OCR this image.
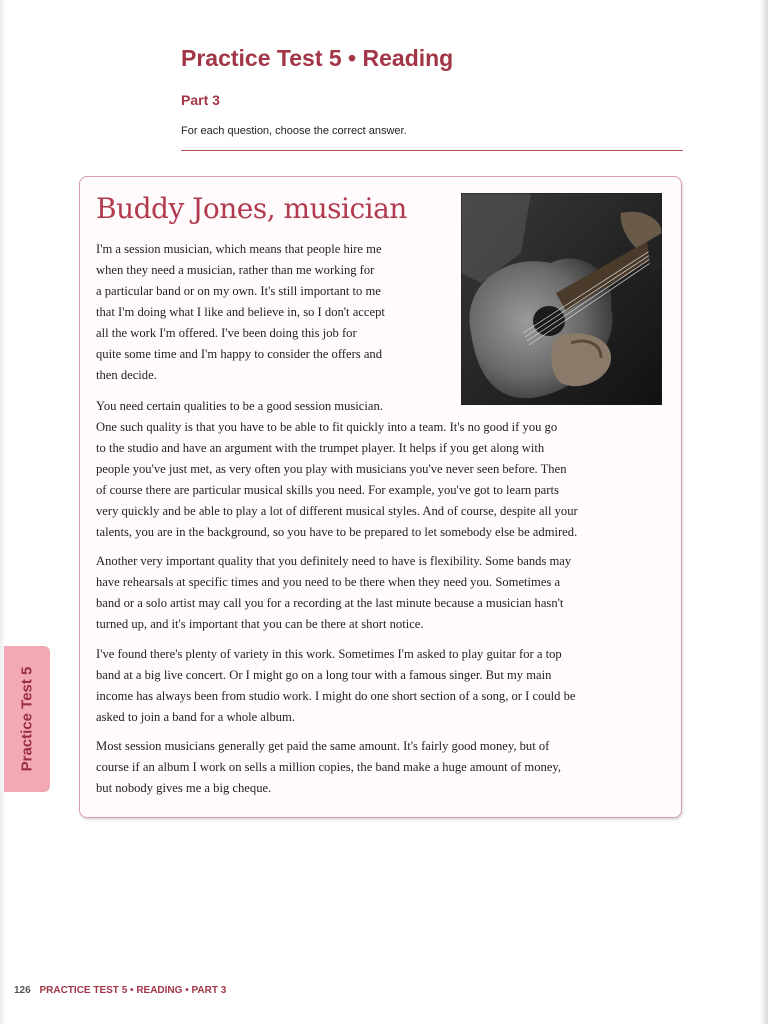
Practice Test 5 • Reading
Part 3
For each question, choose the correct answer.
Buddy Jones, musician

I'm a session musician, which means that people hire me
when they need a musician, rather than me working for
a particular band or on my own. It's still important to me
that I'm doing what I like and believe in, so I don't accept
all the work I'm offered. I've been doing this job for
quite some time and I'm happy to consider the offers and
then decide.

You need certain qualities to be a good session musician.
One such quality is that you have to be able to fit quickly into a team. It's no good if you go
to the studio and have an argument with the trumpet player. It helps if you get along with
people you've just met, as very often you play with musicians you've never seen before. Then
of course there are particular musical skills you need. For example, you've got to learn parts
very quickly and be able to play a lot of different musical styles. And of course, despite all your
talents, you are in the background, so you have to be prepared to let somebody else be admired.

Another very important quality that you definitely need to have is flexibility. Some bands may
have rehearsals at specific times and you need to be there when they need you. Sometimes a
band or a solo artist may call you for a recording at the last minute because a musician hasn't
turned up, and it's important that you can be there at short notice.

I've found there's plenty of variety in this work. Sometimes I'm asked to play guitar for a top
band at a big live concert. Or I might go on a long tour with a famous singer. But my main
income has always been from studio work. I might do one short section of a song, or I could be
asked to join a band for a whole album.

Most session musicians generally get paid the same amount. It's fairly good money, but of
course if an album I work on sells a million copies, the band make a huge amount of money,
but nobody gives me a big cheque.

Practice Test 5
126 PRACTICE TEST 5 • READING • PART 3
